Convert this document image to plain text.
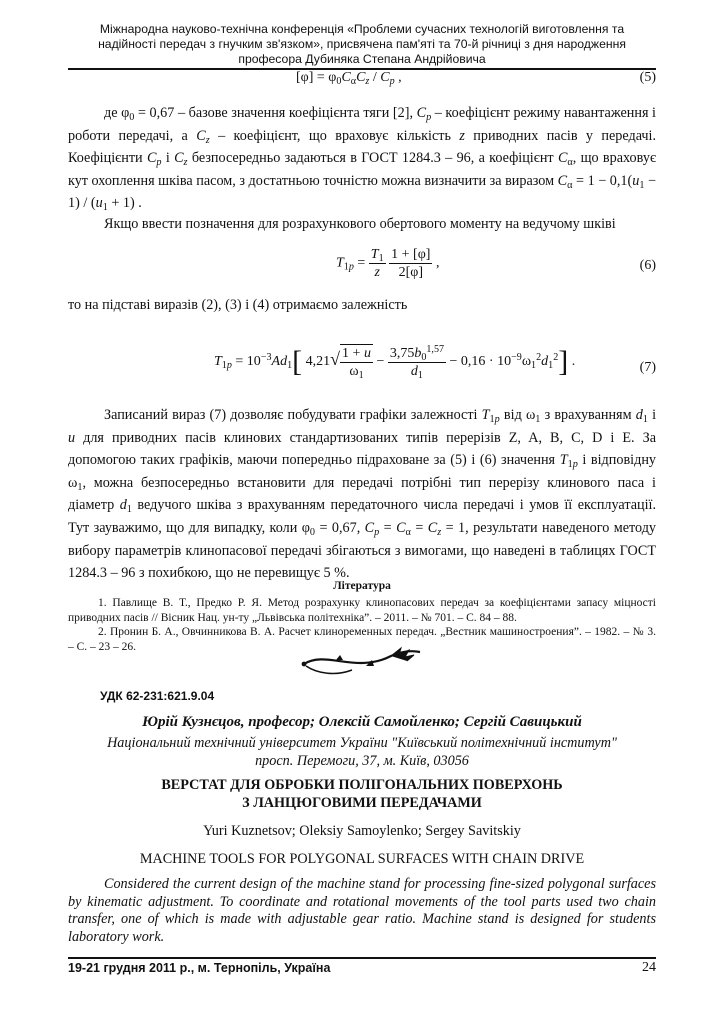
Міжнародна науково-технічна конференція «Проблеми сучасних технологій виготовлення та
надійності передач з гнучким зв'язком», присвячена пам'яті та 70-й річниці з дня народження
професора Дубиняка Степана Андрійовича
$[\varphi] = \varphi_0C_\alpha C_z / C_p$ ,	(5)
де $\varphi_0 = 0,67$ – базове значення коефіцієнта тяги [2], $C_p$ – коефіцієнт режиму навантаження і роботи передачі, а $C_z$ – коефіцієнт, що враховує кількість z приводних пасів у передачі. Коефіцієнти $C_p$ і $C_z$ безпосередньо задаються в ГОСТ 1284.3 – 96, а коефіцієнт $C_\alpha$, що враховує кут охоплення шківа пасом, з достатньою точністю можна визначити за виразом $C_\alpha = 1 - 0,1(u_1 - 1) / (u_1 + 1)$ .
Якщо ввести позначення для розрахункового обертового моменту на ведучому шківі
$T_{1p} = \frac{T_1}{z}$
$\frac{1 + [\varphi]}{2[\varphi]}$ ,	(6)
то на підставі виразів (2), (3) і (4) отримаємо залежність
$T_{1p} = 10^{-3}Ad_1$[ $4,21√ \frac{1 + u}{\omega_1} - \frac{3,75b_0^{1,57}}{d_1} - 0,16 \cdot 10^{-9}\omega_1^2d_1^2$] .	(7)
Записаний вираз (7) дозволяє побудувати графіки залежності $T_{1p}$ від $\omega_1$ з врахуванням $d_1$ і u для приводних пасів клинових стандартизованих типів перерізів Z, A, B, C, D і E. За допомогою таких графіків, маючи попередньо підраховане за (5) і (6) значення $T_{1p}$ і відповідну $\omega_1$, можна безпосередньо встановити для передачі потрібні тип перерізу клинового паса і діаметр $d_1$ ведучого шківа з врахуванням передаточного числа передачі і умов її експлуатації. Тут зауважимо, що для випадку, коли $\varphi_0 = 0,67$, $C_p = C_\alpha = C_z = 1$, результати наведеного методу вибору параметрів клинопасової передачі збігаються з вимогами, що наведені в таблицях ГОСТ 1284.3 – 96 з похибкою, що не перевищує 5 %.
Література
1. Павлище В. Т., Предко Р. Я. Метод розрахунку клинопасових передач за коефіцієнтами запасу міцності приводних пасів // Вісник Нац. ун-ту „Львівська політехніка”. – 2011. – № 701. – С. 84 – 88.
2. Пронин Б. А., Овчинникова В. А. Расчет клиноременных передач. „Вестник машиностроения”. – 1982. – № 3. – С. – 23 – 26.
УДК 62-231:621.9.04
Юрій Кузнєцов, професор; Олексій Самойленко; Сергій Савицький
Національний технічний університет України "Київський політехнічний інститут"
просп. Перемоги, 37, м. Київ, 03056
ВЕРСТАТ ДЛЯ ОБРОБКИ ПОЛІГОНАЛЬНИХ ПОВЕРХОНЬ
З ЛАНЦЮГОВИМИ ПЕРЕДАЧАМИ
Yuri Kuznetsov; Oleksiy Samoylenko; Sergey Savitskiy
MACHINE TOOLS FOR POLYGONAL SURFACES WITH CHAIN DRIVE
Considered the current design of the machine stand for processing fine-sized polygonal surfaces by kinematic adjustment. To coordinate and rotational movements of the tool parts used two chain transfer, one of which is made with adjustable gear ratio. Machine stand is designed for students laboratory work.
19-21 грудня 2011 р., м. Тернопіль, Україна	24
